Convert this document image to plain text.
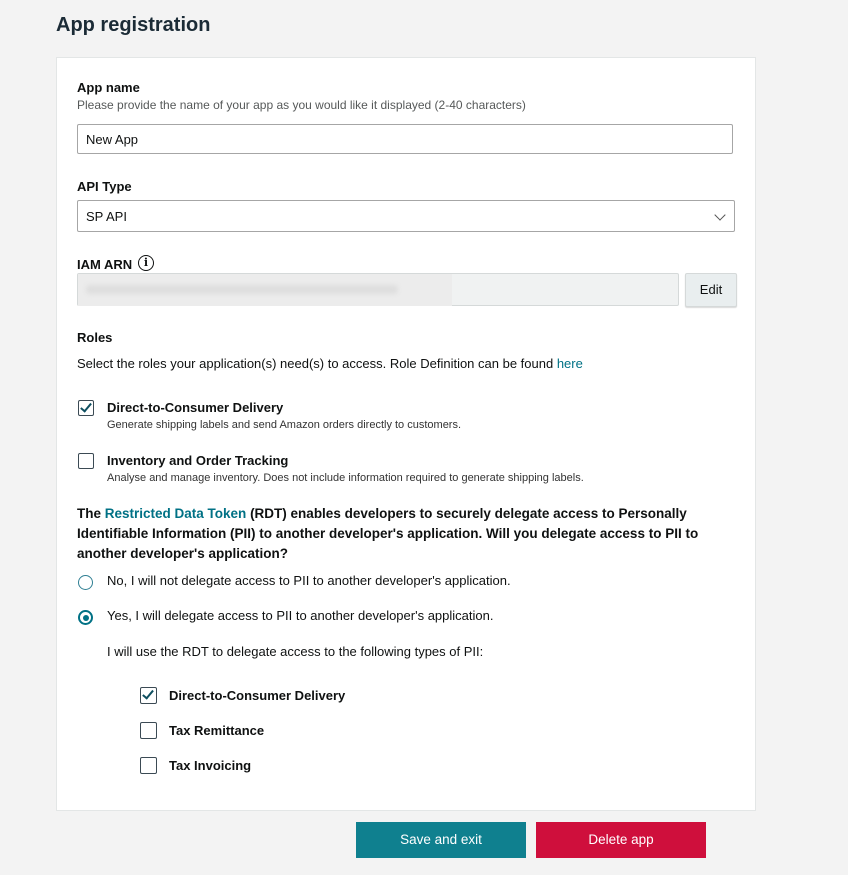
App registration
App name
Please provide the name of your app as you would like it displayed (2-40 characters)
New App
API Type
SP API
IAM ARN	i
Edit
Roles
Select the roles your application(s) need(s) to access. Role Definition can be found here
Direct-to-Consumer Delivery
Generate shipping labels and send Amazon orders directly to customers.
Inventory and Order Tracking
Analyse and manage inventory. Does not include information required to generate shipping labels.
The Restricted Data Token (RDT) enables developers to securely delegate access to Personally Identifiable Information (PII) to another developer's application. Will you delegate access to PII to another developer's application?
No, I will not delegate access to PII to another developer's application.
Yes, I will delegate access to PII to another developer's application.
I will use the RDT to delegate access to the following types of PII:
Direct-to-Consumer Delivery
Tax Remittance
Tax Invoicing
Save and exit	Delete app
